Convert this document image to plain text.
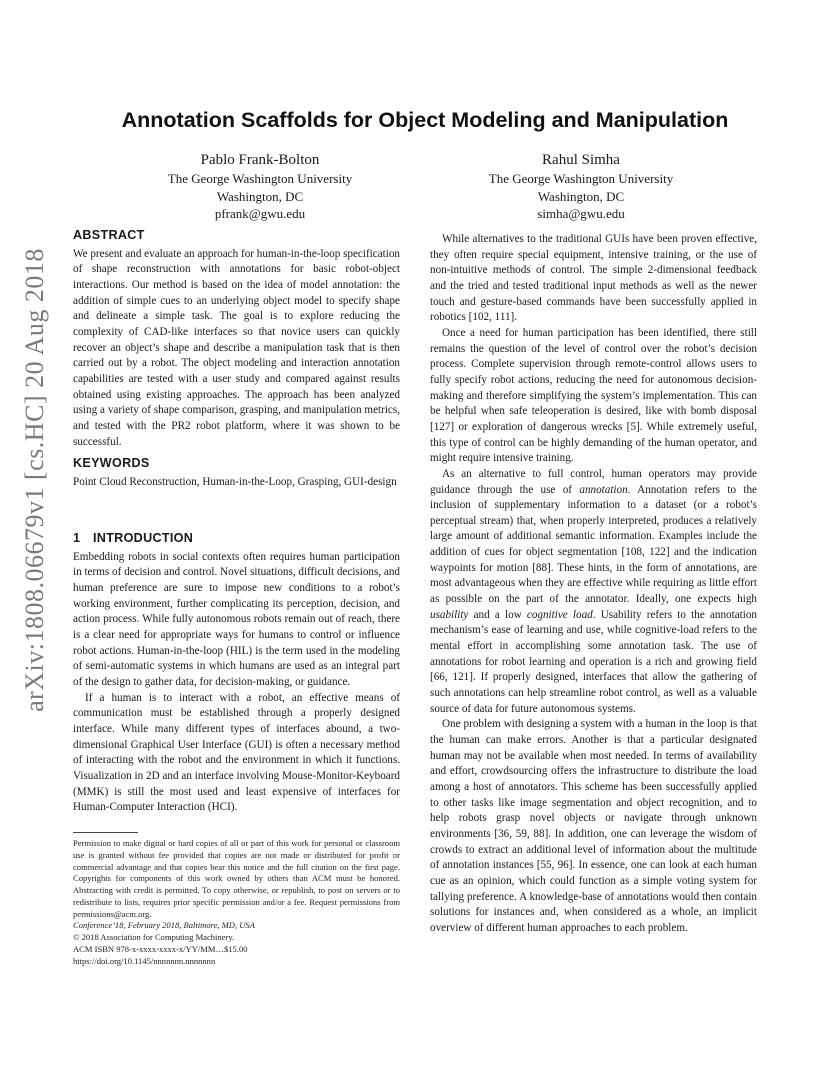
arXiv:1808.06679v1 [cs.HC] 20 Aug 2018
Annotation Scaffolds for Object Modeling and Manipulation
Pablo Frank-Bolton
The George Washington University
Washington, DC
pfrank@gwu.edu
Rahul Simha
The George Washington University
Washington, DC
simha@gwu.edu
ABSTRACT

We present and evaluate an approach for human-in-the-loop specification of shape reconstruction with annotations for basic robot-object interactions. Our method is based on the idea of model annotation: the addition of simple cues to an underlying object model to specify shape and delineate a simple task. The goal is to explore reducing the complexity of CAD-like interfaces so that novice users can quickly recover an object’s shape and describe a manipulation task that is then carried out by a robot. The object modeling and interaction annotation capabilities are tested with a user study and compared against results obtained using existing approaches. The approach has been analyzed using a variety of shape comparison, grasping, and manipulation metrics, and tested with the PR2 robot platform, where it was shown to be successful.

KEYWORDS

Point Cloud Reconstruction, Human-in-the-Loop, Grasping, GUI-design

1 INTRODUCTION

Embedding robots in social contexts often requires human participation in terms of decision and control. Novel situations, difficult decisions, and human preference are sure to impose new conditions to a robot’s working environment, further complicating its perception, decision, and action process. While fully autonomous robots remain out of reach, there is a clear need for appropriate ways for humans to control or influence robot actions. Human-in-the-loop (HIL) is the term used in the modeling of semi-automatic systems in which humans are used as an integral part of the design to gather data, for decision-making, or guidance.

If a human is to interact with a robot, an effective means of communication must be established through a properly designed interface. While many different types of interfaces abound, a two-dimensional Graphical User Interface (GUI) is often a necessary method of interacting with the robot and the environment in which it functions. Visualization in 2D and an interface involving Mouse-Monitor-Keyboard (MMK) is still the most used and least expensive of interfaces for Human-Computer Interaction (HCI).

Permission to make digital or hard copies of all or part of this work for personal or classroom use is granted without fee provided that copies are not made or distributed for profit or commercial advantage and that copies bear this notice and the full citation on the first page. Copyrights for components of this work owned by others than ACM must be honored. Abstracting with credit is permitted. To copy otherwise, or republish, to post on servers or to redistribute to lists, requires prior specific permission and/or a fee. Request permissions from permissions@acm.org.

Conference’18, February 2018, Baltimore, MD, USA

© 2018 Association for Computing Machinery.

ACM ISBN 978-x-xxxx-xxxx-x/YY/MM…$15.00

https://doi.org/10.1145/nnnnnnn.nnnnnnn

While alternatives to the traditional GUIs have been proven effective, they often require special equipment, intensive training, or the use of non-intuitive methods of control. The simple 2-dimensional feedback and the tried and tested traditional input methods as well as the newer touch and gesture-based commands have been successfully applied in robotics [102, 111].

Once a need for human participation has been identified, there still remains the question of the level of control over the robot’s decision process. Complete supervision through remote-control allows users to fully specify robot actions, reducing the need for autonomous decision-making and therefore simplifying the system’s implementation. This can be helpful when safe teleoperation is desired, like with bomb disposal [127] or exploration of dangerous wrecks [5]. While extremely useful, this type of control can be highly demanding of the human operator, and might require intensive training.

As an alternative to full control, human operators may provide guidance through the use of annotation. Annotation refers to the inclusion of supplementary information to a dataset (or a robot’s perceptual stream) that, when properly interpreted, produces a relatively large amount of additional semantic information. Examples include the addition of cues for object segmentation [108, 122] and the indication waypoints for motion [88]. These hints, in the form of annotations, are most advantageous when they are effective while requiring as little effort as possible on the part of the annotator. Ideally, one expects high usability and a low cognitive load. Usability refers to the annotation mechanism’s ease of learning and use, while cognitive-load refers to the mental effort in accomplishing some annotation task. The use of annotations for robot learning and operation is a rich and growing field [66, 121]. If properly designed, interfaces that allow the gathering of such annotations can help streamline robot control, as well as a valuable source of data for future autonomous systems.

One problem with designing a system with a human in the loop is that the human can make errors. Another is that a particular designated human may not be available when most needed. In terms of availability and effort, crowdsourcing offers the infrastructure to distribute the load among a host of annotators. This scheme has been successfully applied to other tasks like image segmentation and object recognition, and to help robots grasp novel objects or navigate through unknown environments [36, 59, 88]. In addition, one can leverage the wisdom of crowds to extract an additional level of information about the multitude of annotation instances [55, 96]. In essence, one can look at each human cue as an opinion, which could function as a simple voting system for tallying preference. A knowledge-base of annotations would then contain solutions for instances and, when considered as a whole, an implicit overview of different human approaches to each problem.
